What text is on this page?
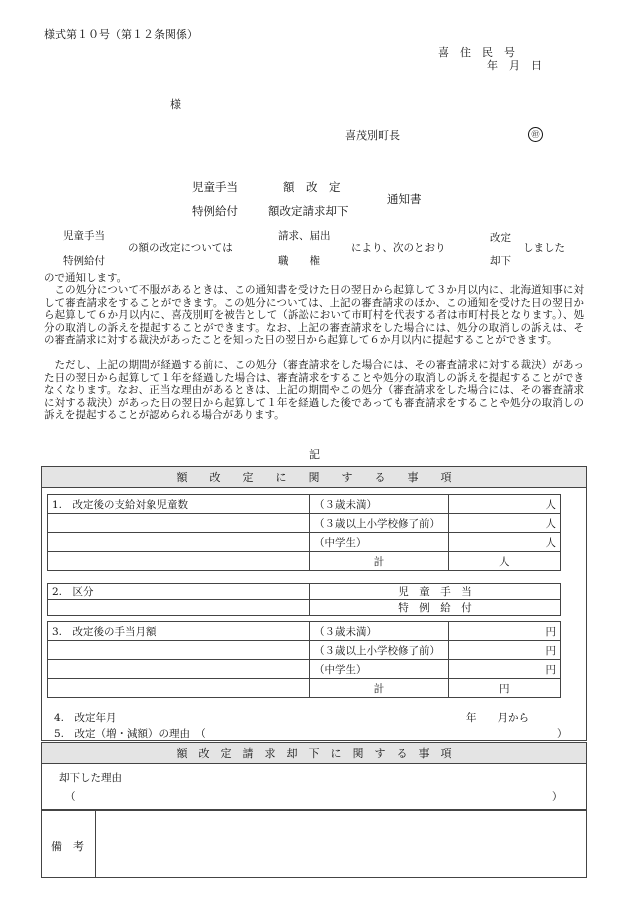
様式第１０号（第１２条関係）
喜　住　民　号
年　月　日
様
喜茂別町長	㊞
児童手当
特例給付
額　改　定
額改定請求却下
通知書
児童手当
特例給付
の額の改定については
請求、届出
職　　権
により、次のとおり
改定
却下
しました
ので通知します。
この処分について不服があるときは、この通知書を受けた日の翌日から起算して３か月以内に、北海道知事に対して審査請求をすることができます。この処分については、上記の審査請求のほか、この通知を受けた日の翌日から起算して６か月以内に、喜茂別町を被告として（訴訟において市町村を代表する者は市町村長となります。）、処分の取消しの訴えを提起することができます。なお、上記の審査請求をした場合には、処分の取消しの訴えは、その審査請求に対する裁決があったことを知った日の翌日から起算して６か月以内に提起することができます。
ただし、上記の期間が経過する前に、この処分（審査請求をした場合には、その審査請求に対する裁決）があった日の翌日から起算して１年を経過した場合は、審査請求をすることや処分の取消しの訴えを提起することができなくなります。なお、正当な理由があるときは、上記の期間やこの処分（審査請求をした場合には、その審査請求に対する裁決）があった日の翌日から起算して１年を経過した後であっても審査請求をすることや処分の取消しの訴えを提起することが認められる場合があります。
記
額　　改　　定　　に　　関　　す　　る　　事　　項
1.　改定後の支給対象児童数	（３歳未満）	人
	（３歳以上小学校修了前）	人
	（中学生）	人
	計	人
2.　区分	児　童　手　当
	特　例　給　付
3.　改定後の手当月額	（３歳未満）	円
	（３歳以上小学校修了前）	円
	（中学生）	円
	計	円
4.　改定年月	年　　月から
5.　改定（増・減額）の理由　（	）
額　改　定　請　求　却　下　に　関　す　る　事　項
却下した理由
（	）
備　考
